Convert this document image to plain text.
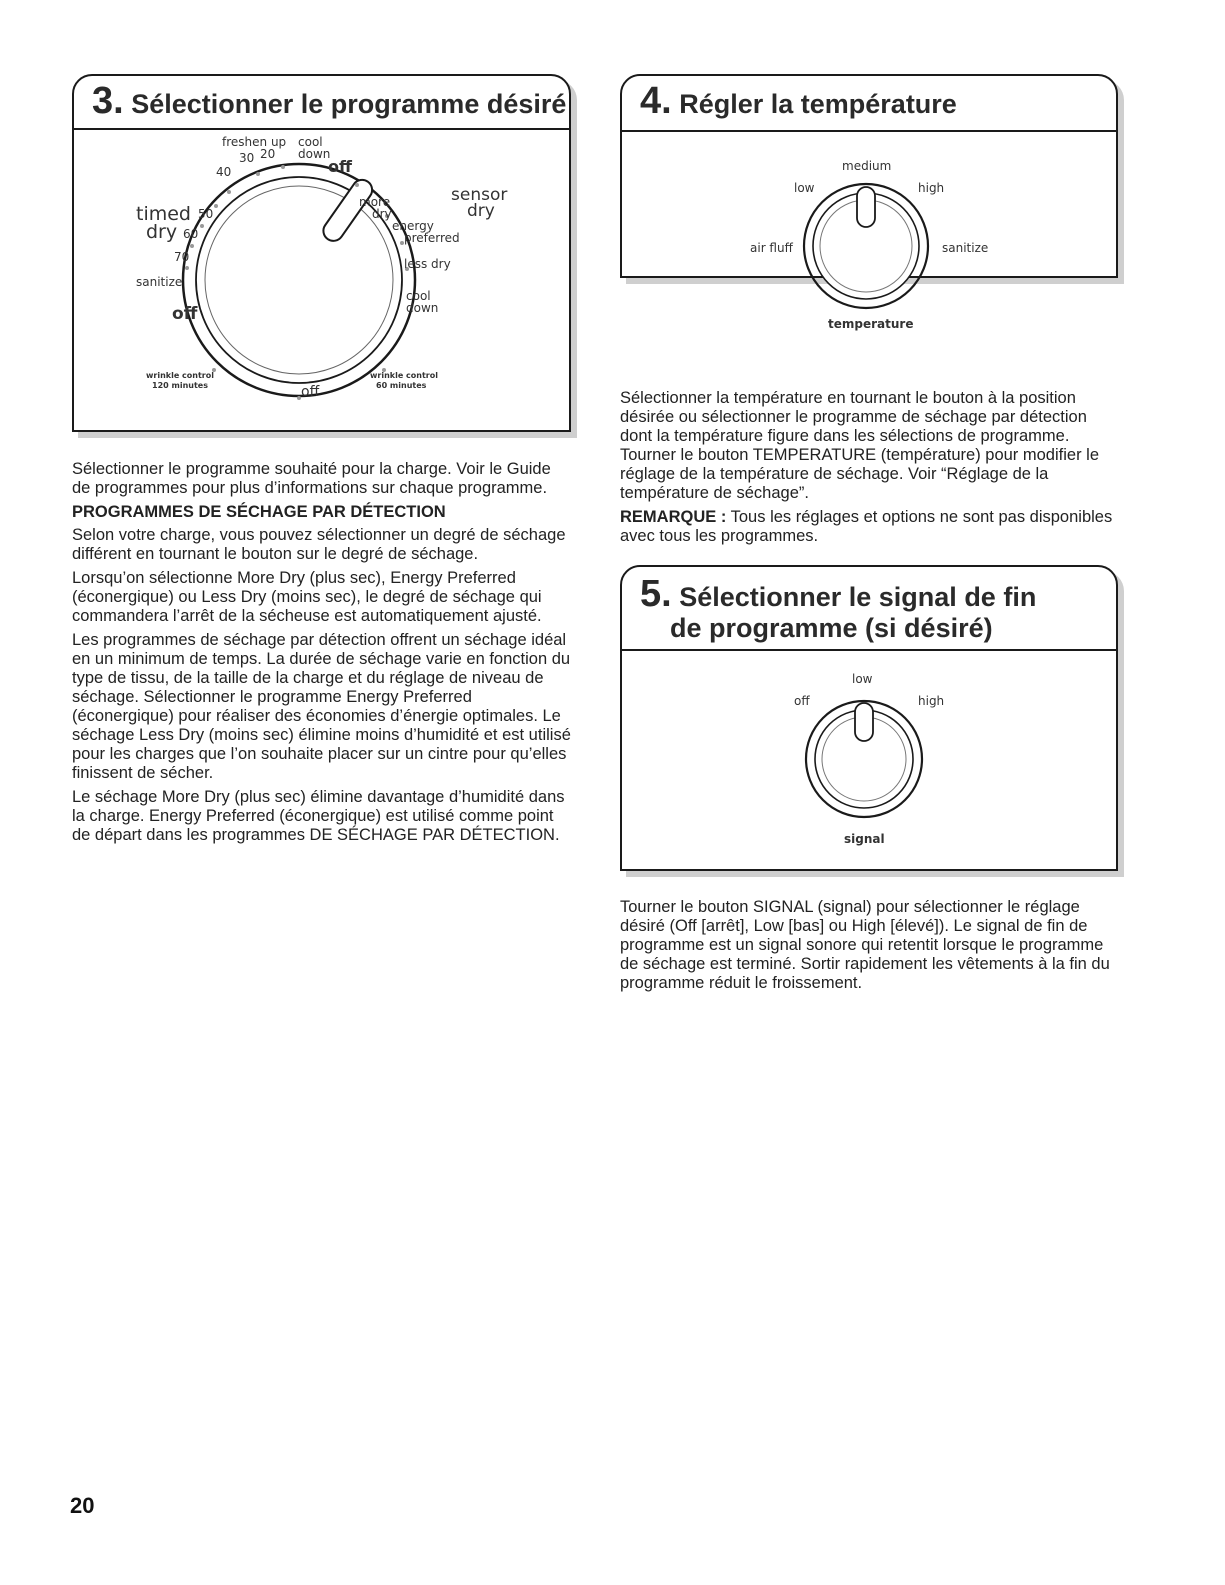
3. Sélectionner le programme désiré
freshen up cool
down
30 20
40	off
timed
dry
50
60
70
sanitize
off
sensor
dry
more
dry
energy
preferred
less dry
cool
down
wrinkle control
120 minutes
wrinkle control
60 minutes
off

Sélectionner le programme souhaité pour la charge. Voir le Guide de programmes pour plus d’informations sur chaque programme.

PROGRAMMES DE SÉCHAGE PAR DÉTECTION

Selon votre charge, vous pouvez sélectionner un degré de séchage différent en tournant le bouton sur le degré de séchage.

Lorsqu’on sélectionne More Dry (plus sec), Energy Preferred (éconergique) ou Less Dry (moins sec), le degré de séchage qui commandera l’arrêt de la sécheuse est automatiquement ajusté.

Les programmes de séchage par détection offrent un séchage idéal en un minimum de temps. La durée de séchage varie en fonction du type de tissu, de la taille de la charge et du réglage de niveau de séchage. Sélectionner le programme Energy Preferred (éconergique) pour réaliser des économies d’énergie optimales. Le séchage Less Dry (moins sec) élimine moins d’humidité et est utilisé pour les charges que l’on souhaite placer sur un cintre pour qu’elles finissent de sécher.

Le séchage More Dry (plus sec) élimine davantage d’humidité dans la charge. Energy Preferred (éconergique) est utilisé comme point de départ dans les programmes DE SÉCHAGE PAR DÉTECTION.

4. Régler la température
medium
low	high
air fluff	sanitize
temperature

Sélectionner la température en tournant le bouton à la position désirée ou sélectionner le programme de séchage par détection dont la température figure dans les sélections de programme. Tourner le bouton TEMPERATURE (température) pour modifier le réglage de la température de séchage. Voir “Réglage de la température de séchage”.

REMARQUE : Tous les réglages et options ne sont pas disponibles avec tous les programmes.

5. Sélectionner le signal de fin
de programme (si désiré)
low
off	high
signal

Tourner le bouton SIGNAL (signal) pour sélectionner le réglage désiré (Off [arrêt], Low [bas] ou High [élevé]). Le signal de fin de programme est un signal sonore qui retentit lorsque le programme de séchage est terminé. Sortir rapidement les vêtements à la fin du programme réduit le froissement.

20
